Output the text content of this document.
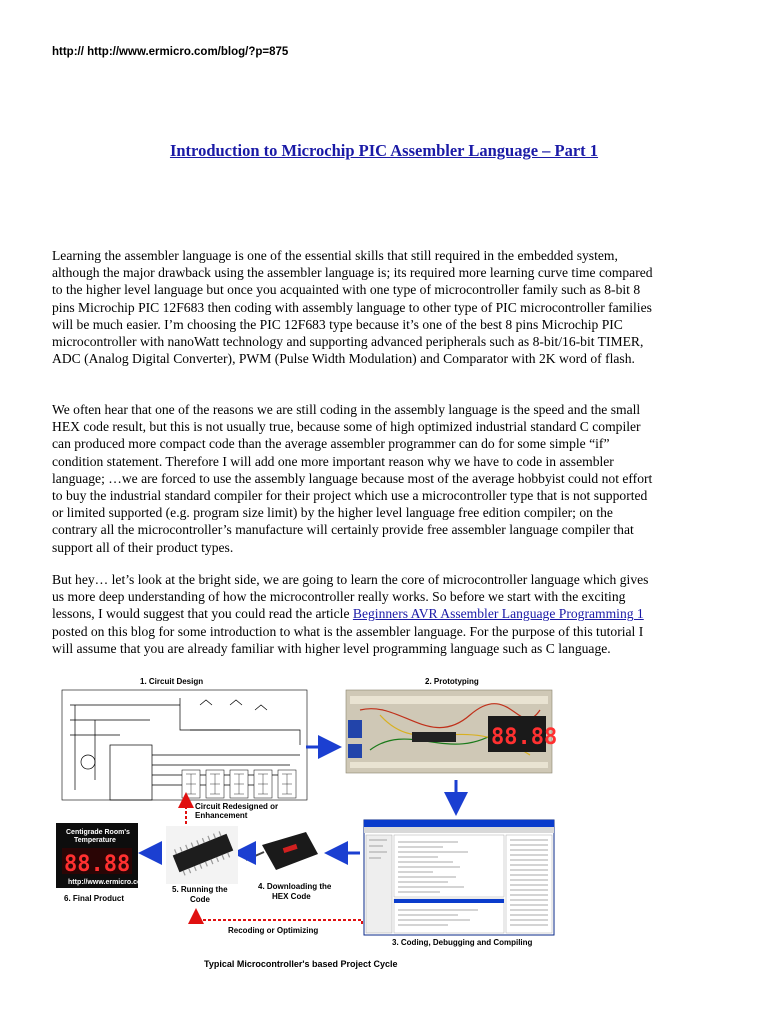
http:// http://www.ermicro.com/blog/?p=875
Introduction to Microchip PIC Assembler Language – Part 1
Learning the assembler language is one of the essential skills that still required in the embedded system,
although the major drawback using the assembler language is; its required more learning curve time compared
to the higher level language but once you acquainted with one type of microcontroller family such as 8-bit 8
pins Microchip PIC 12F683 then coding with assembly language to other type of PIC microcontroller families
will be much easier. I’m choosing the PIC 12F683 type because it’s one of the best 8 pins Microchip PIC
microcontroller with nanoWatt technology and supporting advanced peripherals such as 8-bit/16-bit TIMER,
ADC (Analog Digital Converter), PWM (Pulse Width Modulation) and Comparator with 2K word of flash.
We often hear that one of the reasons we are still coding in the assembly language is the speed and the small
HEX code result, but this is not usually true, because some of high optimized industrial standard C compiler
can produced more compact code than the average assembler programmer can do for some simple “if”
condition statement. Therefore I will add one more important reason why we have to code in assembler
language; …we are forced to use the assembly language because most of the average hobbyist could not effort
to buy the industrial standard compiler for their project which use a microcontroller type that is not supported
or limited supported (e.g. program size limit) by the higher level language free edition compiler; on the
contrary all the microcontroller’s manufacture will certainly provide free assembler language compiler that
support all of their product types.
But hey… let’s look at the bright side, we are going to learn the core of microcontroller language which gives
us more deep understanding of how the microcontroller really works. So before we start with the exciting
lessons, I would suggest that you could read the article Beginners AVR Assembler Language Programming 1
posted on this blog for some introduction to what is the assembler language. For the purpose of this tutorial I
will assume that you are already familiar with higher level programming language such as C language.
1. Circuit Design	2. Prototyping
88.88
Circuit Redesigned or
Enhancement
3. Coding, Debugging and Compiling
4. Downloading the
HEX Code
5. Running the
Code
Centigrade Room's
Temperature
88.88
http://www.ermicro.com/blog
6. Final Product
Recoding or Optimizing
Typical Microcontroller's based Project Cycle
